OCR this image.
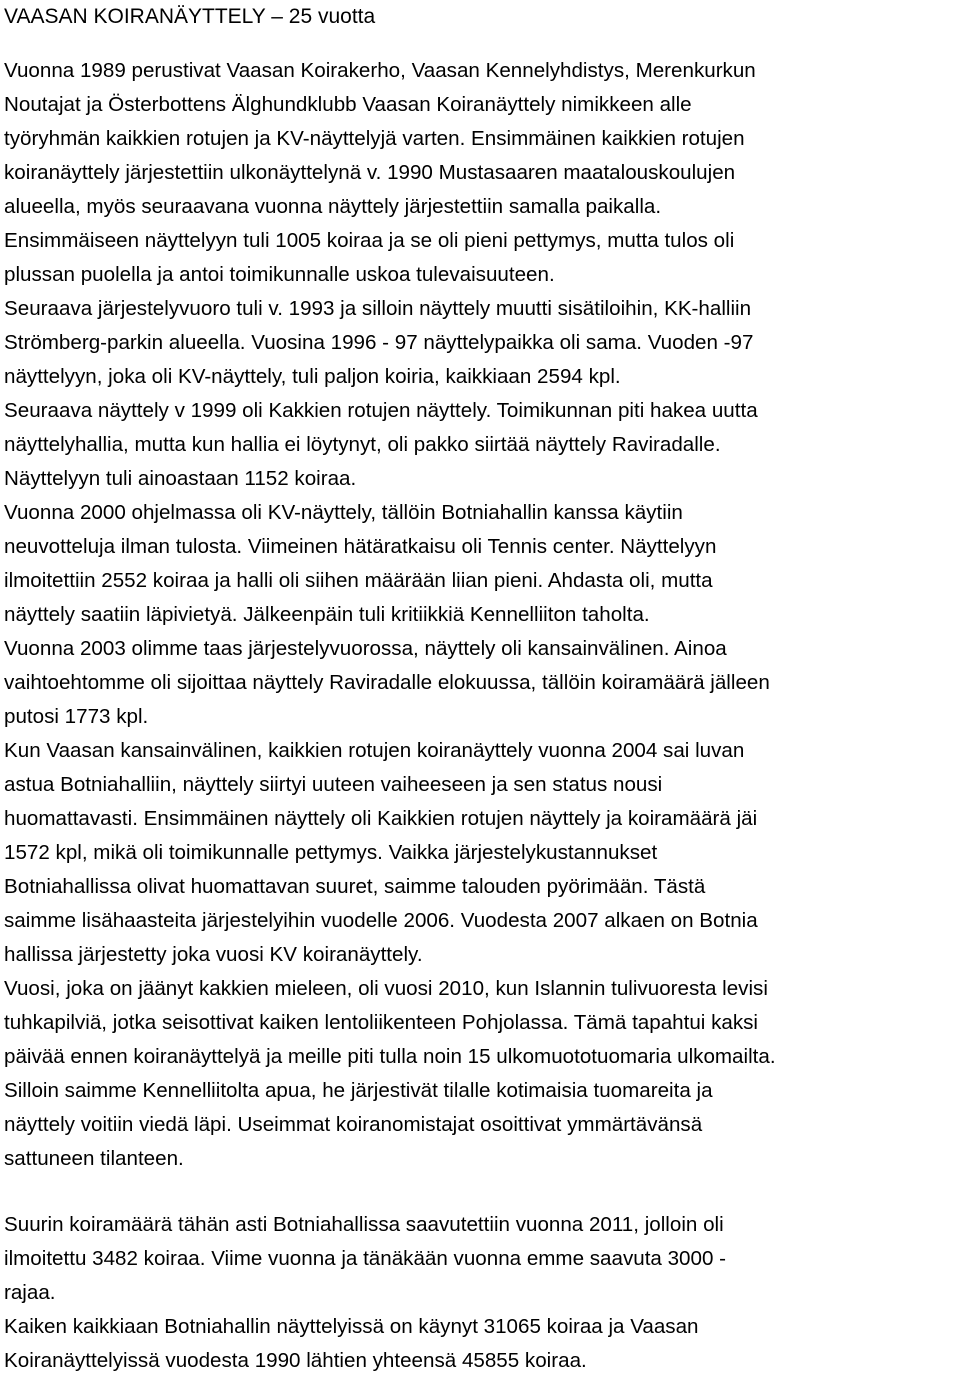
VAASAN KOIRANÄYTTELY – 25 vuotta
Vuonna 1989 perustivat Vaasan Koirakerho, Vaasan Kennelyhdistys, Merenkurkun
Noutajat ja Österbottens Älghundklubb Vaasan Koiranäyttely nimikkeen alle
työryhmän kaikkien rotujen ja KV-näyttelyjä varten. Ensimmäinen kaikkien rotujen
koiranäyttely järjestettiin ulkonäyttelynä v. 1990 Mustasaaren maatalouskoulujen
alueella, myös seuraavana vuonna näyttely järjestettiin samalla paikalla.
Ensimmäiseen näyttelyyn tuli 1005 koiraa ja se oli pieni pettymys, mutta tulos oli
plussan puolella ja antoi toimikunnalle uskoa tulevaisuuteen.
Seuraava järjestelyvuoro tuli v. 1993 ja silloin näyttely muutti sisätiloihin, KK-halliin
Strömberg-parkin alueella. Vuosina 1996 - 97 näyttelypaikka oli sama. Vuoden -97
näyttelyyn, joka oli KV-näyttely, tuli paljon koiria, kaikkiaan 2594 kpl.
Seuraava näyttely v 1999 oli Kakkien rotujen näyttely. Toimikunnan piti hakea uutta
näyttelyhallia, mutta kun hallia ei löytynyt, oli pakko siirtää näyttely Raviradalle.
Näyttelyyn tuli ainoastaan 1152 koiraa.
Vuonna 2000 ohjelmassa oli KV-näyttely, tällöin Botniahallin kanssa käytiin
neuvotteluja ilman tulosta. Viimeinen hätäratkaisu oli Tennis center. Näyttelyyn
ilmoitettiin 2552 koiraa ja halli oli siihen määrään liian pieni. Ahdasta oli, mutta
näyttely saatiin läpivietyä. Jälkeenpäin tuli kritiikkiä Kennelliiton taholta.
Vuonna 2003 olimme taas järjestelyvuorossa, näyttely oli kansainvälinen. Ainoa
vaihtoehtomme oli sijoittaa näyttely Raviradalle elokuussa, tällöin koiramäärä jälleen
putosi 1773 kpl.
Kun Vaasan kansainvälinen, kaikkien rotujen koiranäyttely vuonna 2004 sai luvan
astua Botniahalliin, näyttely siirtyi uuteen vaiheeseen ja sen status nousi
huomattavasti. Ensimmäinen näyttely oli Kaikkien rotujen näyttely ja koiramäärä jäi
1572 kpl, mikä oli toimikunnalle pettymys. Vaikka järjestelykustannukset
Botniahallissa olivat huomattavan suuret, saimme talouden pyörimään. Tästä
saimme lisähaasteita järjestelyihin vuodelle 2006. Vuodesta 2007 alkaen on Botnia
hallissa järjestetty joka vuosi KV koiranäyttely.
Vuosi, joka on jäänyt kakkien mieleen, oli vuosi 2010, kun Islannin tulivuoresta levisi
tuhkapilviä, jotka seisottivat kaiken lentoliikenteen Pohjolassa. Tämä tapahtui kaksi
päivää ennen koiranäyttelyä ja meille piti tulla noin 15 ulkomuototuomaria ulkomailta.
Silloin saimme Kennelliitolta apua, he järjestivät tilalle kotimaisia tuomareita ja
näyttely voitiin viedä läpi. Useimmat koiranomistajat osoittivat ymmärtävänsä
sattuneen tilanteen.
Suurin koiramäärä tähän asti Botniahallissa saavutettiin vuonna 2011, jolloin oli
ilmoitettu 3482 koiraa. Viime vuonna ja tänäkään vuonna emme saavuta 3000 -
rajaa.
Kaiken kaikkiaan Botniahallin näyttelyissä on käynyt 31065 koiraa ja Vaasan
Koiranäyttelyissä vuodesta 1990 lähtien yhteensä 45855 koiraa.
